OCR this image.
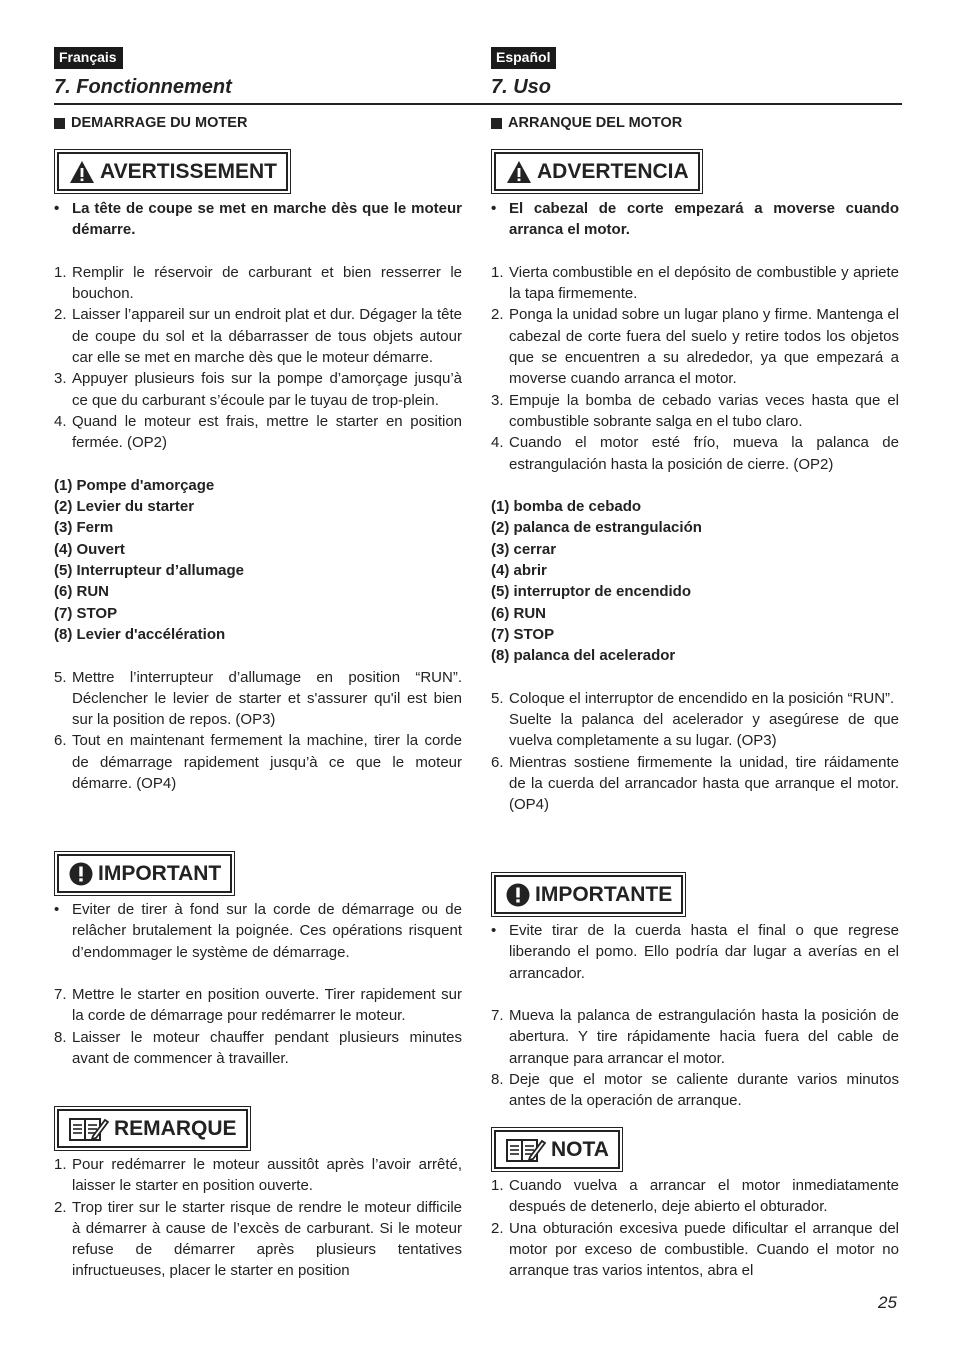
Français
7. Fonctionnement
DEMARRAGE DU MOTER
AVERTISSEMENT
• La tête de coupe se met en marche dès que le moteur démarre.
1. Remplir le réservoir de carburant et bien resserrer le bouchon.
2. Laisser l’appareil sur un endroit plat et dur. Dégager la tête de coupe du sol et la débarrasser de tous objets autour car elle se met en marche dès que le moteur démarre.
3. Appuyer plusieurs fois sur la pompe d’amorçage jusqu’à ce que du carburant s’écoule par le tuyau de trop-plein.
4. Quand le moteur est frais, mettre le starter en position fermée. (OP2)

(1) Pompe d'amorçage

(2) Levier du starter

(3) Ferm

(4) Ouvert

(5) Interrupteur d’allumage

(6) RUN

(7) STOP

(8) Levier d'accélération

5. Mettre l’interrupteur d’allumage en position “RUN”. Déclencher le levier de starter et s'assurer qu'il est bien sur la position de repos. (OP3)
6. Tout en maintenant fermement la machine, tirer la corde de démarrage rapidement jusqu’à ce que le moteur démarre. (OP4)
IMPORTANT
• Eviter de tirer à fond sur la corde de démarrage ou de relâcher brutalement la poignée. Ces opérations risquent d’endommager le système de démarrage.
7. Mettre le starter en position ouverte. Tirer rapidement sur la corde de démarrage pour redémarrer le moteur.
8. Laisser le moteur chauffer pendant plusieurs minutes avant de commencer à travailler.
REMARQUE
1. Pour redémarrer le moteur aussitôt après l’avoir arrêté, laisser le starter en position ouverte.
2. Trop tirer sur le starter risque de rendre le moteur difficile à démarrer à cause de l’excès de carburant. Si le moteur refuse de démarrer après plusieurs tentatives infructueuses, placer le starter en position
Español
7. Uso
ARRANQUE DEL MOTOR
ADVERTENCIA
• El cabezal de corte empezará a moverse cuando arranca el motor.
1. Vierta combustible en el depósito de combustible y apriete la tapa firmemente.
2. Ponga la unidad sobre un lugar plano y firme. Mantenga el cabezal de corte fuera del suelo y retire todos los objetos que se encuentren a su alrededor, ya que empezará a moverse cuando arranca el motor.
3. Empuje la bomba de cebado varias veces hasta que el combustible sobrante salga en el tubo claro.
4. Cuando el motor esté frío, mueva la palanca de estrangulación hasta la posición de cierre. (OP2)

(1) bomba de cebado

(2) palanca de estrangulación

(3) cerrar

(4) abrir

(5) interruptor de encendido

(6) RUN

(7) STOP

(8) palanca del acelerador

5. Coloque el interruptor de encendido en la posición “RUN”.
Suelte la palanca del acelerador y asegúrese de que vuelva completamente a su lugar. (OP3)
6. Mientras sostiene firmemente la unidad, tire ráidamente de la cuerda del arrancador hasta que arranque el motor. (OP4)
IMPORTANTE
• Evite tirar de la cuerda hasta el final o que regrese liberando el pomo. Ello podría dar lugar a averías en el arrancador.
7. Mueva la palanca de estrangulación hasta la posición de abertura. Y tire rápidamente hacia fuera del cable de arranque para arrancar el motor.
8. Deje que el motor se caliente durante varios minutos antes de la operación de arranque.
NOTA
1. Cuando vuelva a arrancar el motor inmediatamente después de detenerlo, deje abierto el obturador.
2. Una obturación excesiva puede dificultar el arranque del motor por exceso de combustible. Cuando el motor no arranque tras varios intentos, abra el
25
